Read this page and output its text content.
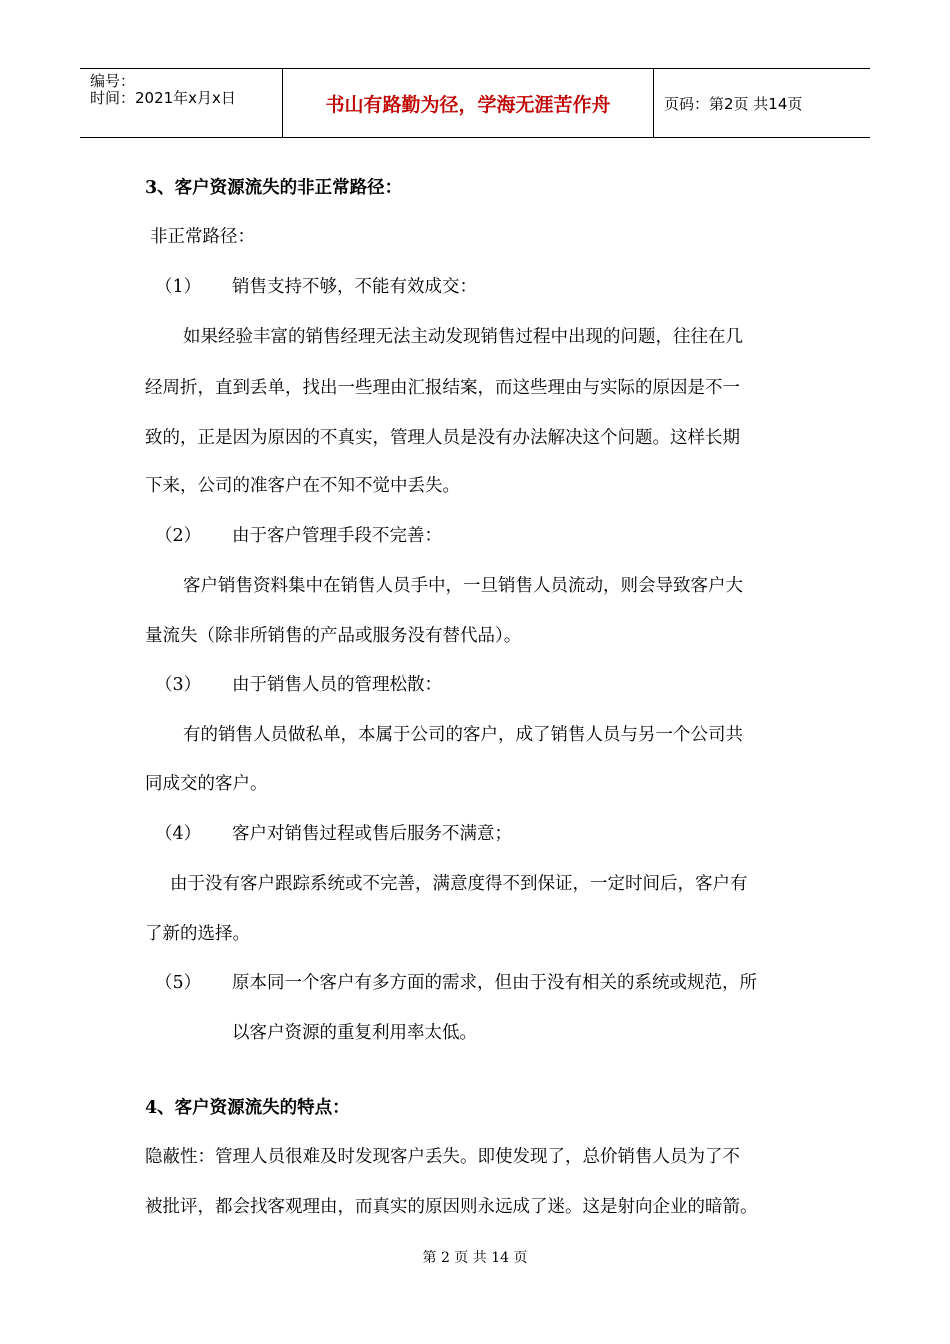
编号：
时间：2021年x月x日	书山有路勤为径，学海无涯苦作舟	页码：第2页 共14页
3、客户资源流失的非正常路径：
非正常路径：
（1） 销售支持不够，不能有效成交：
如果经验丰富的销售经理无法主动发现销售过程中出现的问题，往往在几
经周折，直到丢单，找出一些理由汇报结案，而这些理由与实际的原因是不一
致的，正是因为原因的不真实，管理人员是没有办法解决这个问题。这样长期
下来，公司的准客户在不知不觉中丢失。
（2） 由于客户管理手段不完善：
客户销售资料集中在销售人员手中，一旦销售人员流动，则会导致客户大
量流失（除非所销售的产品或服务没有替代品）。
（3） 由于销售人员的管理松散：
有的销售人员做私单，本属于公司的客户，成了销售人员与另一个公司共
同成交的客户。
（4） 客户对销售过程或售后服务不满意；
由于没有客户跟踪系统或不完善，满意度得不到保证，一定时间后，客户有
了新的选择。
（5） 原本同一个客户有多方面的需求，但由于没有相关的系统或规范，所
以客户资源的重复利用率太低。
4、客户资源流失的特点：
隐蔽性：管理人员很难及时发现客户丢失。即使发现了，总价销售人员为了不
被批评，都会找客观理由，而真实的原因则永远成了迷。这是射向企业的暗箭。
第 2 页 共 14 页
